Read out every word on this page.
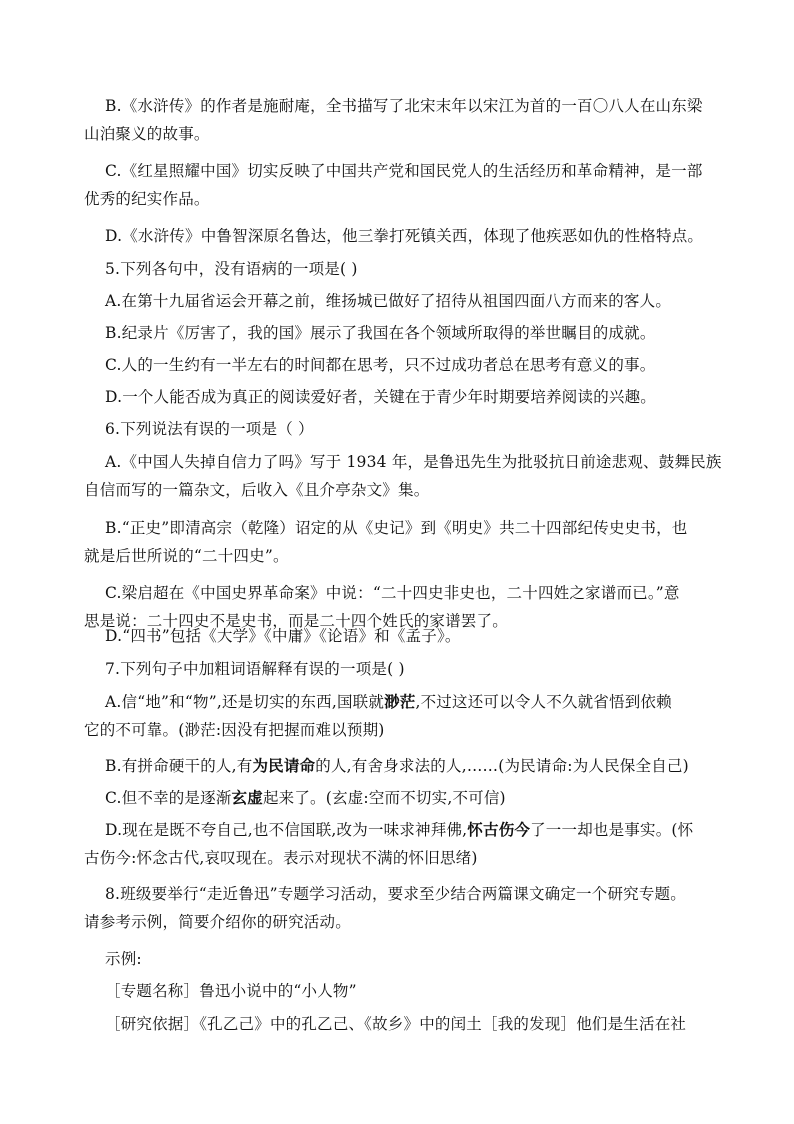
B.《水浒传》的作者是施耐庵，全书描写了北宋末年以宋江为首的一百〇八人在山东梁
山泊聚义的故事。
C.《红星照耀中国》切实反映了中国共产党和国民党人的生活经历和革命精神，是一部
优秀的纪实作品。
D.《水浒传》中鲁智深原名鲁达，他三拳打死镇关西，体现了他疾恶如仇的性格特点。
5.下列各句中，没有语病的一项是( )
A.在第十九届省运会开幕之前，维扬城已做好了招待从祖国四面八方而来的客人。
B.纪录片《厉害了，我的国》展示了我国在各个领域所取得的举世瞩目的成就。
C.人的一生约有一半左右的时间都在思考，只不过成功者总在思考有意义的事。
D.一个人能否成为真正的阅读爱好者，关键在于青少年时期要培养阅读的兴趣。
6.下列说法有误的一项是（ ）
A.《中国人失掉自信力了吗》写于 1934 年，是鲁迅先生为批驳抗日前途悲观、鼓舞民族
自信而写的一篇杂文，后收入《且介亭杂文》集。
B.“正史”即清高宗（乾隆）诏定的从《史记》到《明史》共二十四部纪传史史书，也
就是后世所说的“二十四史”。
C.梁启超在《中国史界革命案》中说：“二十四史非史也，二十四姓之家谱而已。”意
思是说：二十四史不是史书，而是二十四个姓氏的家谱罢了。
D.“四书”包括《大学》《中庸》《论语》和《孟子》。
7.下列句子中加粗词语解释有误的一项是( )
A.信“地”和“物”,还是切实的东西,国联就渺茫,不过这还可以令人不久就省悟到依赖
它的不可靠。(渺茫:因没有把握而难以预期)
B.有拼命硬干的人,有为民请命的人,有舍身求法的人,……(为民请命:为人民保全自己)
C.但不幸的是逐渐玄虚起来了。(玄虚:空而不切实,不可信)
D.现在是既不夸自己,也不信国联,改为一味求神拜佛,怀古伤今了一一却也是事实。(怀
古伤今:怀念古代,哀叹现在。表示对现状不满的怀旧思绪)
8.班级要举行“走近鲁迅”专题学习活动，要求至少结合两篇课文确定一个研究专题。
请参考示例，简要介绍你的研究活动。
示例:
［专题名称］鲁迅小说中的“小人物”
［研究依据］《孔乙己》中的孔乙己、《故乡》中的闰土［我的发现］他们是生活在社
